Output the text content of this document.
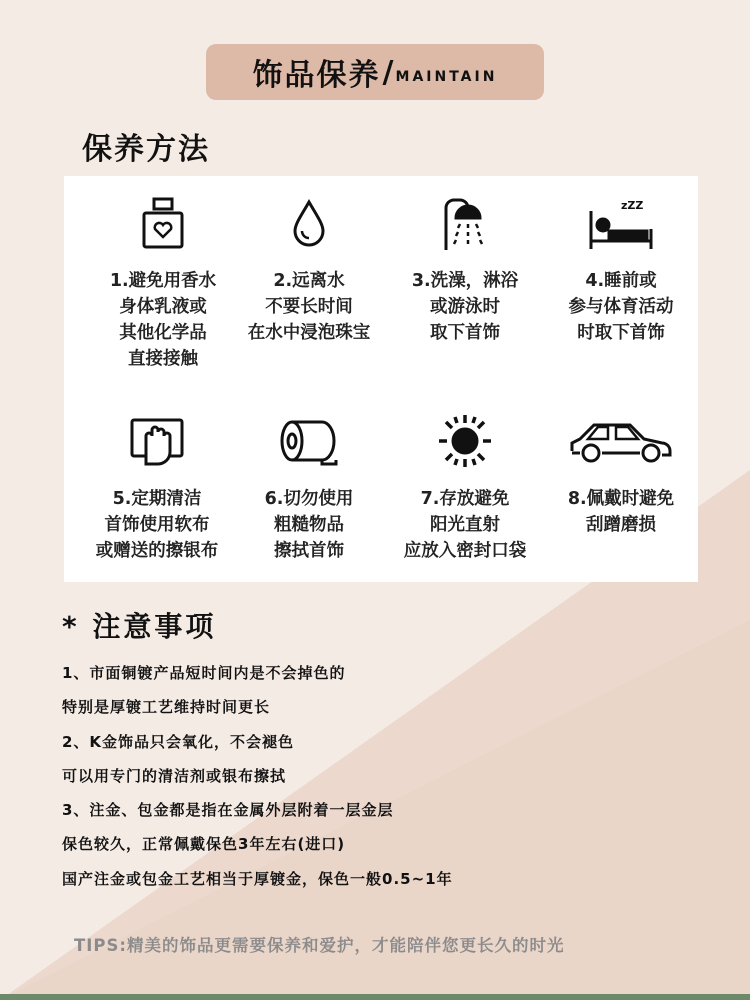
饰品保养 / MAINTAIN
保养方法
1.避免用香水
身体乳液或
其他化学品
直接接触
2.远离水
不要长时间
在水中浸泡珠宝
3.洗澡，淋浴
或游泳时
取下首饰
zZZ
4.睡前或
参与体育活动
时取下首饰
5.定期清洁
首饰使用软布
或赠送的擦银布
6.切勿使用
粗糙物品
擦拭首饰
7.存放避免
阳光直射
应放入密封口袋
8.佩戴时避免
刮蹭磨损
* 注意事项
1、市面铜镀产品短时间内是不会掉色的
特别是厚镀工艺维持时间更长
2、K金饰品只会氧化，不会褪色
可以用专门的清洁剂或银布擦拭
3、注金、包金都是指在金属外层附着一层金层
保色较久，正常佩戴保色3年左右(进口)
国产注金或包金工艺相当于厚镀金，保色一般0.5~1年
TIPS:精美的饰品更需要保养和爱护，才能陪伴您更长久的时光
